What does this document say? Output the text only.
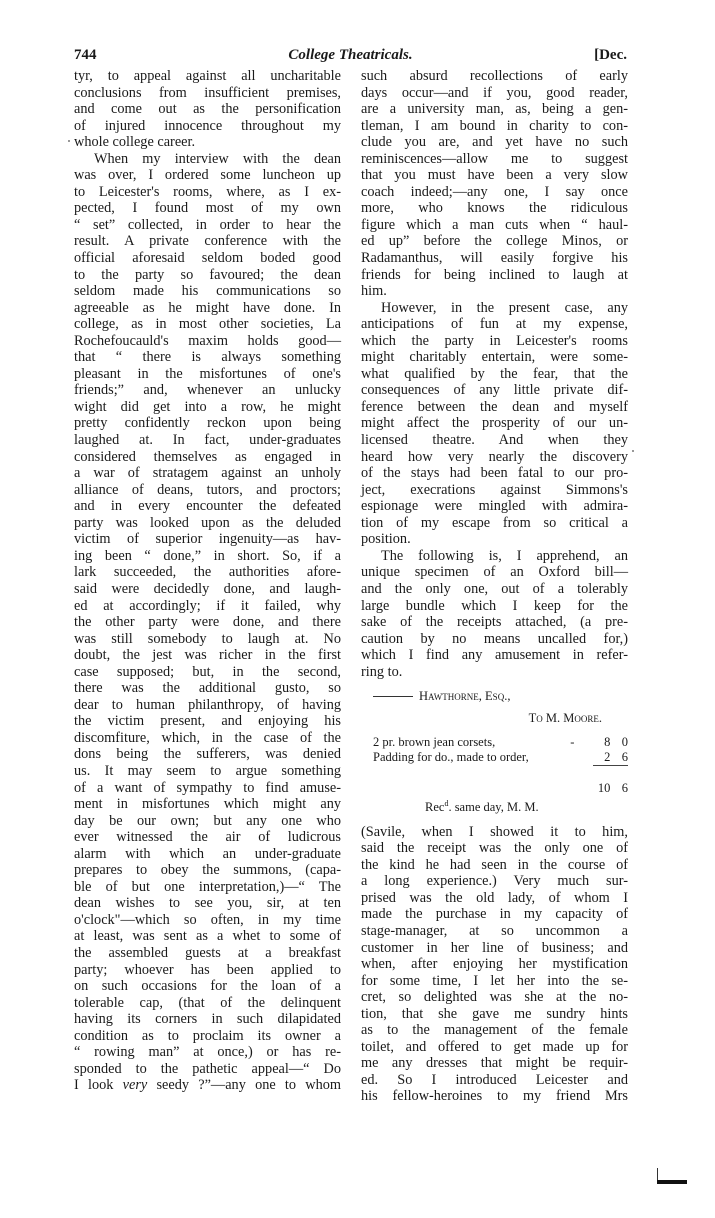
744	College Theatricals.	[Dec.
tyr, to appeal against all uncharitable
conclusions from insufficient premises,
and come out as the personification
of injured innocence throughout my
whole college career.
When my interview with the dean
was over, I ordered some luncheon up
to Leicester's rooms, where, as I ex-
pected, I found most of my own
“ set” collected, in order to hear the
result. A private conference with the
official aforesaid seldom boded good
to the party so favoured; the dean
seldom made his communications so
agreeable as he might have done. In
college, as in most other societies, La
Rochefoucauld's maxim holds good—
that “ there is always something
pleasant in the misfortunes of one's
friends;” and, whenever an unlucky
wight did get into a row, he might
pretty confidently reckon upon being
laughed at. In fact, under-graduates
considered themselves as engaged in
a war of stratagem against an unholy
alliance of deans, tutors, and proctors;
and in every encounter the defeated
party was looked upon as the deluded
victim of superior ingenuity—as hav-
ing been “ done,” in short. So, if a
lark succeeded, the authorities afore-
said were decidedly done, and laugh-
ed at accordingly; if it failed, why
the other party were done, and there
was still somebody to laugh at. No
doubt, the jest was richer in the first
case supposed; but, in the second,
there was the additional gusto, so
dear to human philanthropy, of having
the victim present, and enjoying his
discomfiture, which, in the case of the
dons being the sufferers, was denied
us. It may seem to argue something
of a want of sympathy to find amuse-
ment in misfortunes which might any
day be our own; but any one who
ever witnessed the air of ludicrous
alarm with which an under-graduate
prepares to obey the summons, (capa-
ble of but one interpretation,)—“ The
dean wishes to see you, sir, at ten
o'clock"—which so often, in my time
at least, was sent as a whet to some of
the assembled guests at a breakfast
party; whoever has been applied to
on such occasions for the loan of a
tolerable cap, (that of the delinquent
having its corners in such dilapidated
condition as to proclaim its owner a
“ rowing man” at once,) or has re-
sponded to the pathetic appeal—“ Do
I look very seedy ?”—any one to whom
such absurd recollections of early
days occur—and if you, good reader,
are a university man, as, being a gen-
tleman, I am bound in charity to con-
clude you are, and yet have no such
reminiscences—allow me to suggest
that you must have been a very slow
coach indeed;—any one, I say once
more, who knows the ridiculous
figure which a man cuts when “ haul-
ed up” before the college Minos, or
Radamanthus, will easily forgive his
friends for being inclined to laugh at
him.
However, in the present case, any
anticipations of fun at my expense,
which the party in Leicester's rooms
might charitably entertain, were some-
what qualified by the fear, that the
consequences of any little private dif-
ference between the dean and myself
might affect the prosperity of our un-
licensed theatre. And when they
heard how very nearly the discovery
of the stays had been fatal to our pro-
ject, execrations against Simmons's
espionage were mingled with admira-
tion of my escape from so critical a
position.
The following is, I apprehend, an
unique specimen of an Oxford bill—
and the only one, out of a tolerably
large bundle which I keep for the
sake of the receipts attached, (a pre-
caution by no means uncalled for,)
which I find any amusement in refer-
ring to.
Hawthorne, Esq.,
To M. Moore.
2 pr. brown jean corsets,	-	8	0
Padding for do., made to order,		2	6

		10	6
Rec$^d$. same day, M. M.
(Savile, when I showed it to him,
said the receipt was the only one of
the kind he had seen in the course of
a long experience.) Very much sur-
prised was the old lady, of whom I
made the purchase in my capacity of
stage-manager, at so uncommon a
customer in her line of business; and
when, after enjoying her mystification
for some time, I let her into the se-
cret, so delighted was she at the no-
tion, that she gave me sundry hints
as to the management of the female
toilet, and offered to get made up for
me any dresses that might be requir-
ed. So I introduced Leicester and
his fellow-heroines to my friend Mrs
